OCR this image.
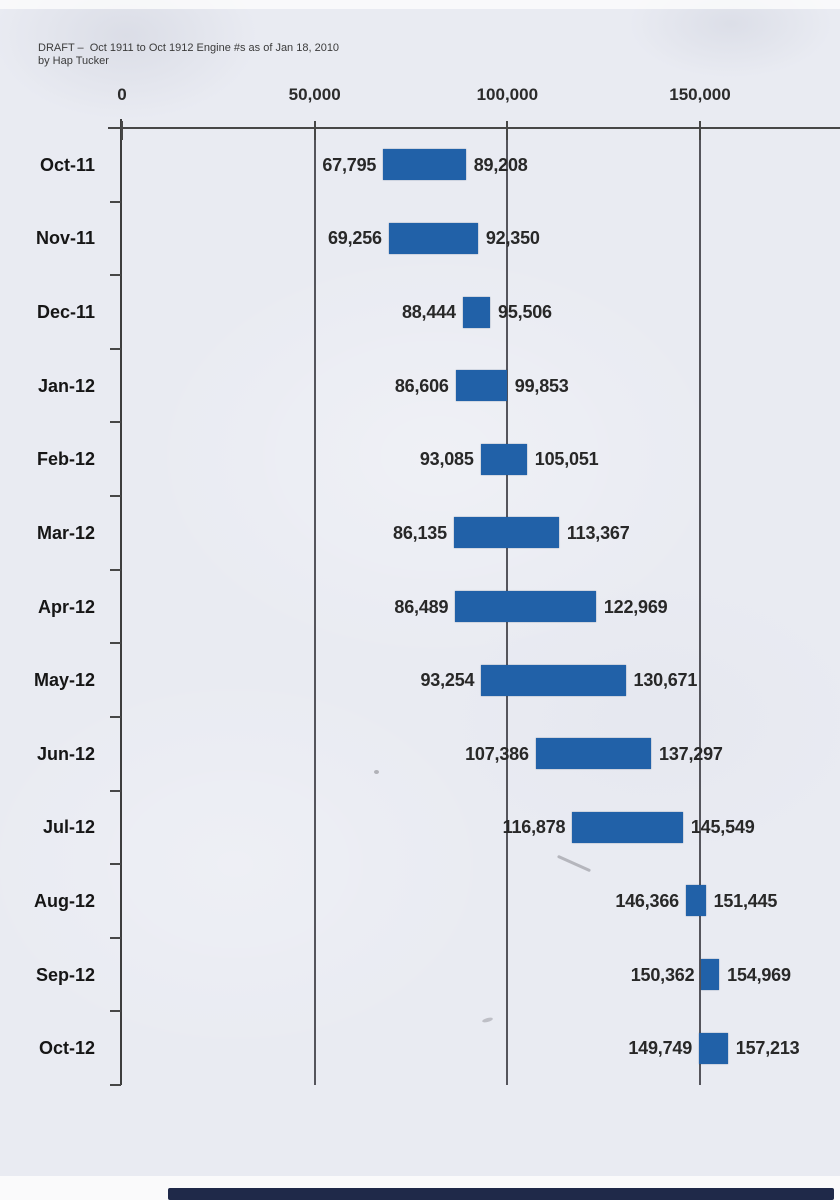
DRAFT –  Oct 1911 to Oct 1912 Engine #s as of Jan 18, 2010
by Hap Tucker
0	50,000	100,000	150,000
Oct-11	67,795	89,208
Nov-11	69,256	92,350
Dec-11	88,444 95,506
Jan-12	86,606	99,853
Feb-12	93,085	105,051
Mar-12	86,135	113,367
Apr-12	86,489	122,969
May-12	93,254	130,671
Jun-12	107,386	137,297
Jul-12	116,878	145,549
Aug-12	146,366 151,445
Sep-12	150,362 154,969
Oct-12	149,749 157,213
